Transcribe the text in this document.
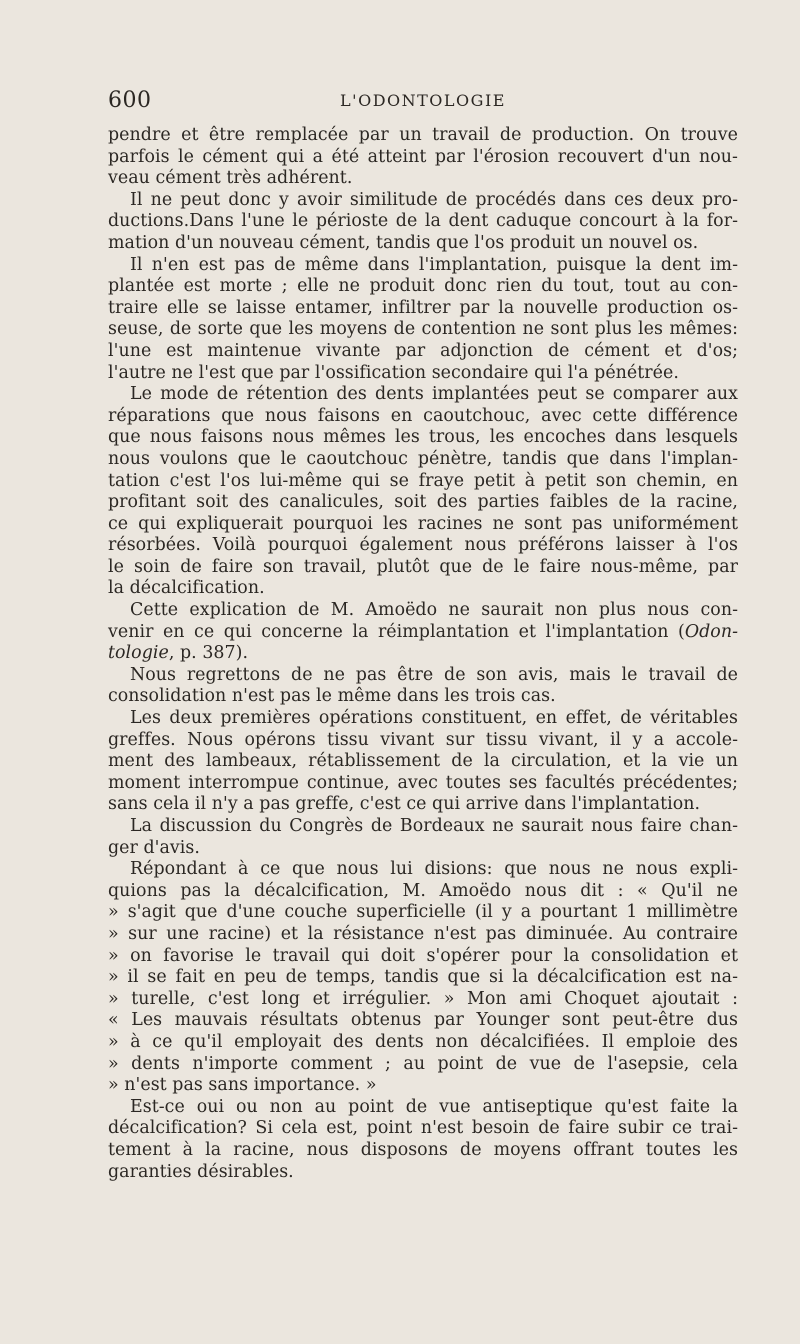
600	L'ODONTOLOGIE
pendre et être remplacée par un travail de production. On trouve
parfois le cément qui a été atteint par l'érosion recouvert d'un nou-
veau cément très adhérent.
Il ne peut donc y avoir similitude de procédés dans ces deux pro-
ductions.Dans l'une le périoste de la dent caduque concourt à la for-
mation d'un nouveau cément, tandis que l'os produit un nouvel os.
Il n'en est pas de même dans l'implantation, puisque la dent im-
plantée est morte ; elle ne produit donc rien du tout, tout au con-
traire elle se laisse entamer, infiltrer par la nouvelle production os-
seuse, de sorte que les moyens de contention ne sont plus les mêmes:
l'une est maintenue vivante par adjonction de cément et d'os;
l'autre ne l'est que par l'ossification secondaire qui l'a pénétrée.
Le mode de rétention des dents implantées peut se comparer aux
réparations que nous faisons en caoutchouc, avec cette différence
que nous faisons nous mêmes les trous, les encoches dans lesquels
nous voulons que le caoutchouc pénètre, tandis que dans l'implan-
tation c'est l'os lui-même qui se fraye petit à petit son chemin, en
profitant soit des canalicules, soit des parties faibles de la racine,
ce qui expliquerait pourquoi les racines ne sont pas uniformément
résorbées. Voilà pourquoi également nous préférons laisser à l'os
le soin de faire son travail, plutôt que de le faire nous-même, par
la décalcification.
Cette explication de M. Amoëdo ne saurait non plus nous con-
venir en ce qui concerne la réimplantation et l'implantation (Odon-
tologie, p. 387).
Nous regrettons de ne pas être de son avis, mais le travail de
consolidation n'est pas le même dans les trois cas.
Les deux premières opérations constituent, en effet, de véritables
greffes. Nous opérons tissu vivant sur tissu vivant, il y a accole-
ment des lambeaux, rétablissement de la circulation, et la vie un
moment interrompue continue, avec toutes ses facultés précédentes;
sans cela il n'y a pas greffe, c'est ce qui arrive dans l'implantation.
La discussion du Congrès de Bordeaux ne saurait nous faire chan-
ger d'avis.
Répondant à ce que nous lui disions: que nous ne nous expli-
quions pas la décalcification, M. Amoëdo nous dit : « Qu'il ne
» s'agit que d'une couche superficielle (il y a pourtant 1 millimètre
» sur une racine) et la résistance n'est pas diminuée. Au contraire
» on favorise le travail qui doit s'opérer pour la consolidation et
» il se fait en peu de temps, tandis que si la décalcification est na-
» turelle, c'est long et irrégulier. » Mon ami Choquet ajoutait :
« Les mauvais résultats obtenus par Younger sont peut-être dus
» à ce qu'il employait des dents non décalcifiées. Il emploie des
» dents n'importe comment ; au point de vue de l'asepsie, cela
» n'est pas sans importance. »
Est-ce oui ou non au point de vue antiseptique qu'est faite la
décalcification? Si cela est, point n'est besoin de faire subir ce trai-
tement à la racine, nous disposons de moyens offrant toutes les
garanties désirables.
